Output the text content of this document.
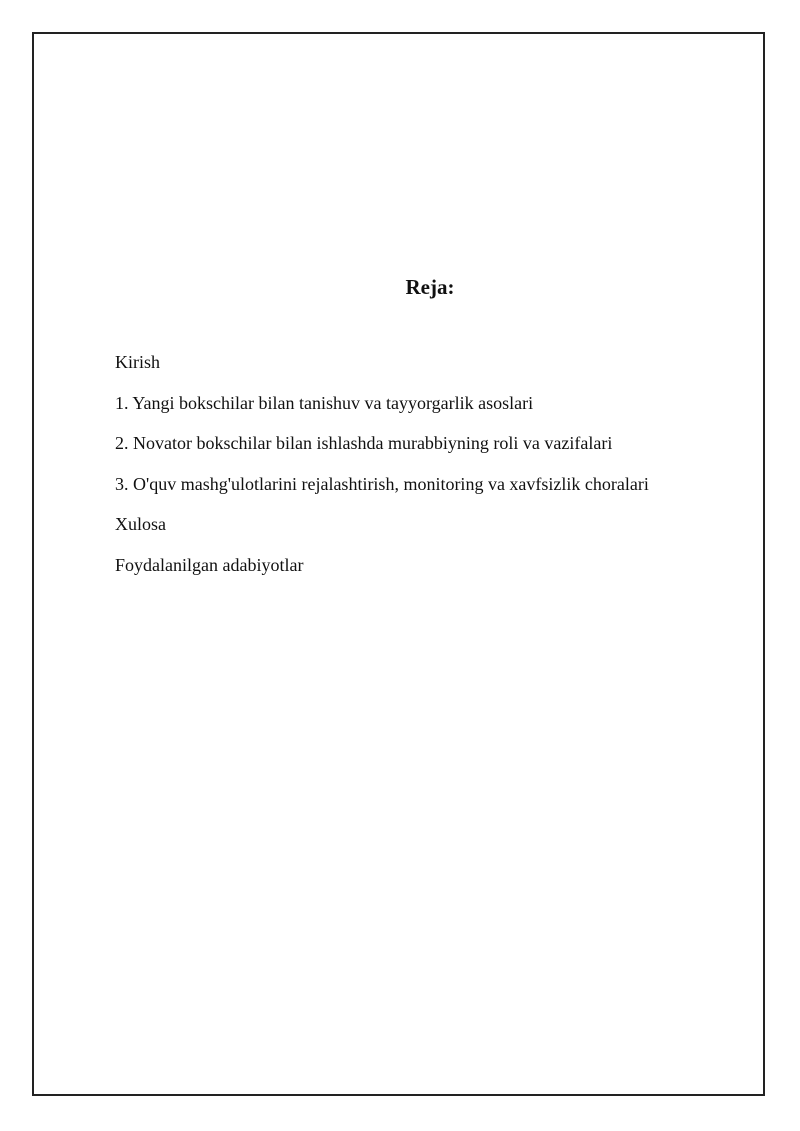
Reja:
Kirish
1. Yangi bokschilar bilan tanishuv va tayyorgarlik asoslari
2. Novator bokschilar bilan ishlashda murabbiyning roli va vazifalari
3. O'quv mashg'ulotlarini rejalashtirish, monitoring va xavfsizlik choralari
Xulosa
Foydalanilgan adabiyotlar
